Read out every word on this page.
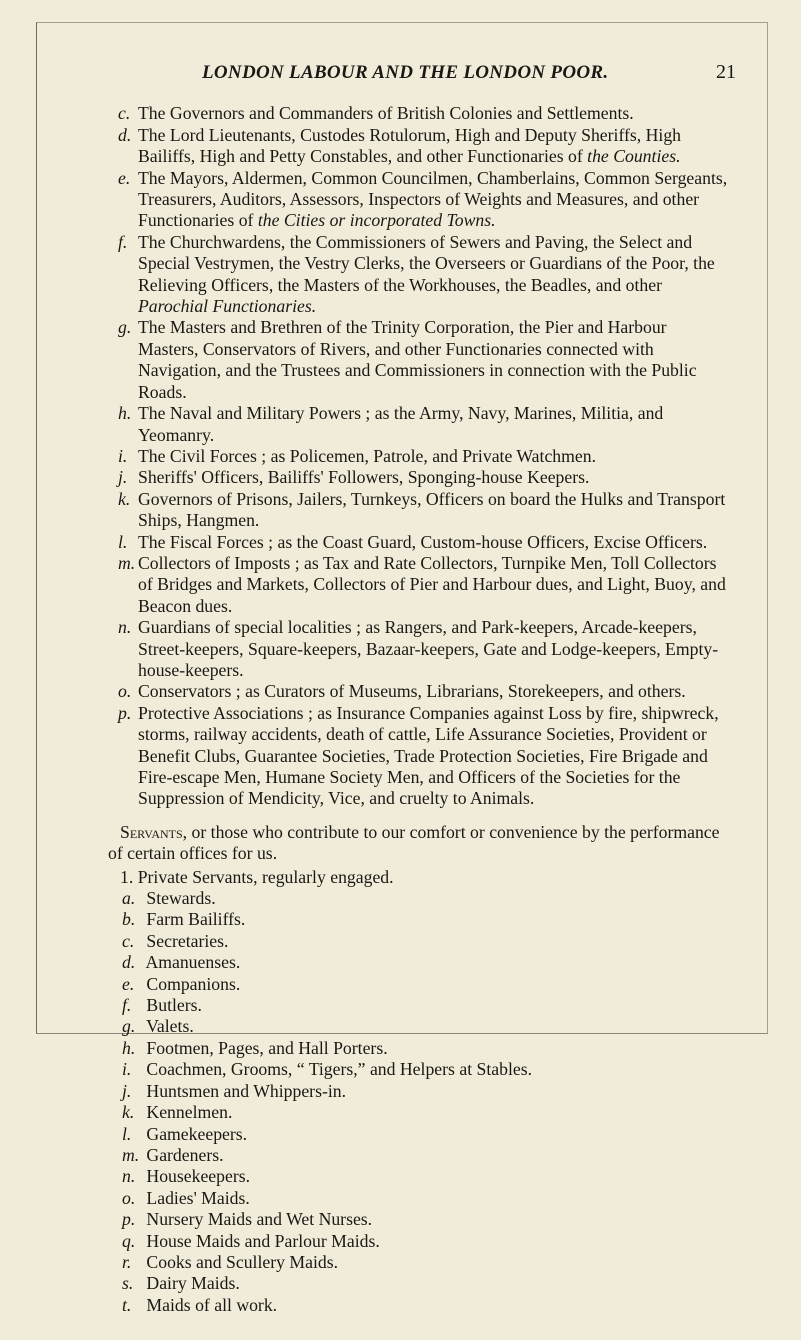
LONDON LABOUR AND THE LONDON POOR.	21

c. The Governors and Commanders of British Colonies and Settlements.

d. The Lord Lieutenants, Custodes Rotulorum, High and Deputy Sheriffs, High Bailiffs, High and Petty Constables, and other Functionaries of the Counties.

e. The Mayors, Aldermen, Common Councilmen, Chamberlains, Common Sergeants, Treasurers, Auditors, Assessors, Inspectors of Weights and Measures, and other Functionaries of the Cities or incorporated Towns.

f. The Churchwardens, the Commissioners of Sewers and Paving, the Select and Special Vestrymen, the Vestry Clerks, the Overseers or Guardians of the Poor, the Relieving Officers, the Masters of the Workhouses, the Beadles, and other Parochial Functionaries.

g. The Masters and Brethren of the Trinity Corporation, the Pier and Harbour Masters, Conservators of Rivers, and other Functionaries connected with Navigation, and the Trustees and Commissioners in connection with the Public Roads.

h. The Naval and Military Powers ; as the Army, Navy, Marines, Militia, and Yeomanry.

i. The Civil Forces ; as Policemen, Patrole, and Private Watchmen.

j. Sheriffs' Officers, Bailiffs' Followers, Sponging-house Keepers.

k. Governors of Prisons, Jailers, Turnkeys, Officers on board the Hulks and Transport Ships, Hangmen.

l. The Fiscal Forces ; as the Coast Guard, Custom-house Officers, Excise Officers.

m. Collectors of Imposts ; as Tax and Rate Collectors, Turnpike Men, Toll Collectors of Bridges and Markets, Collectors of Pier and Harbour dues, and Light, Buoy, and Beacon dues.

n. Guardians of special localities ; as Rangers, and Park-keepers, Arcade-keepers, Street-keepers, Square-keepers, Bazaar-keepers, Gate and Lodge-keepers, Empty-house-keepers.

o. Conservators ; as Curators of Museums, Librarians, Storekeepers, and others.

p. Protective Associations ; as Insurance Companies against Loss by fire, shipwreck, storms, railway accidents, death of cattle, Life Assurance Societies, Provident or Benefit Clubs, Guarantee Societies, Trade Protection Societies, Fire Brigade and Fire-escape Men, Humane Society Men, and Officers of the Societies for the Suppression of Mendicity, Vice, and cruelty to Animals.

Servants, or those who contribute to our comfort or convenience by the performance of certain offices for us.

1. Private Servants, regularly engaged.
a. Stewards.
b. Farm Bailiffs.
c. Secretaries.
d. Amanuenses.
e. Companions.
f. Butlers.
g. Valets.
h. Footmen, Pages, and Hall Porters.
i. Coachmen, Grooms, “ Tigers,” and Helpers at Stables.
j. Huntsmen and Whippers-in.
k. Kennelmen.
l. Gamekeepers.
m. Gardeners.
n. Housekeepers.
o. Ladies' Maids.
p. Nursery Maids and Wet Nurses.
q. House Maids and Parlour Maids.
r. Cooks and Scullery Maids.
s. Dairy Maids.
t. Maids of all work.
